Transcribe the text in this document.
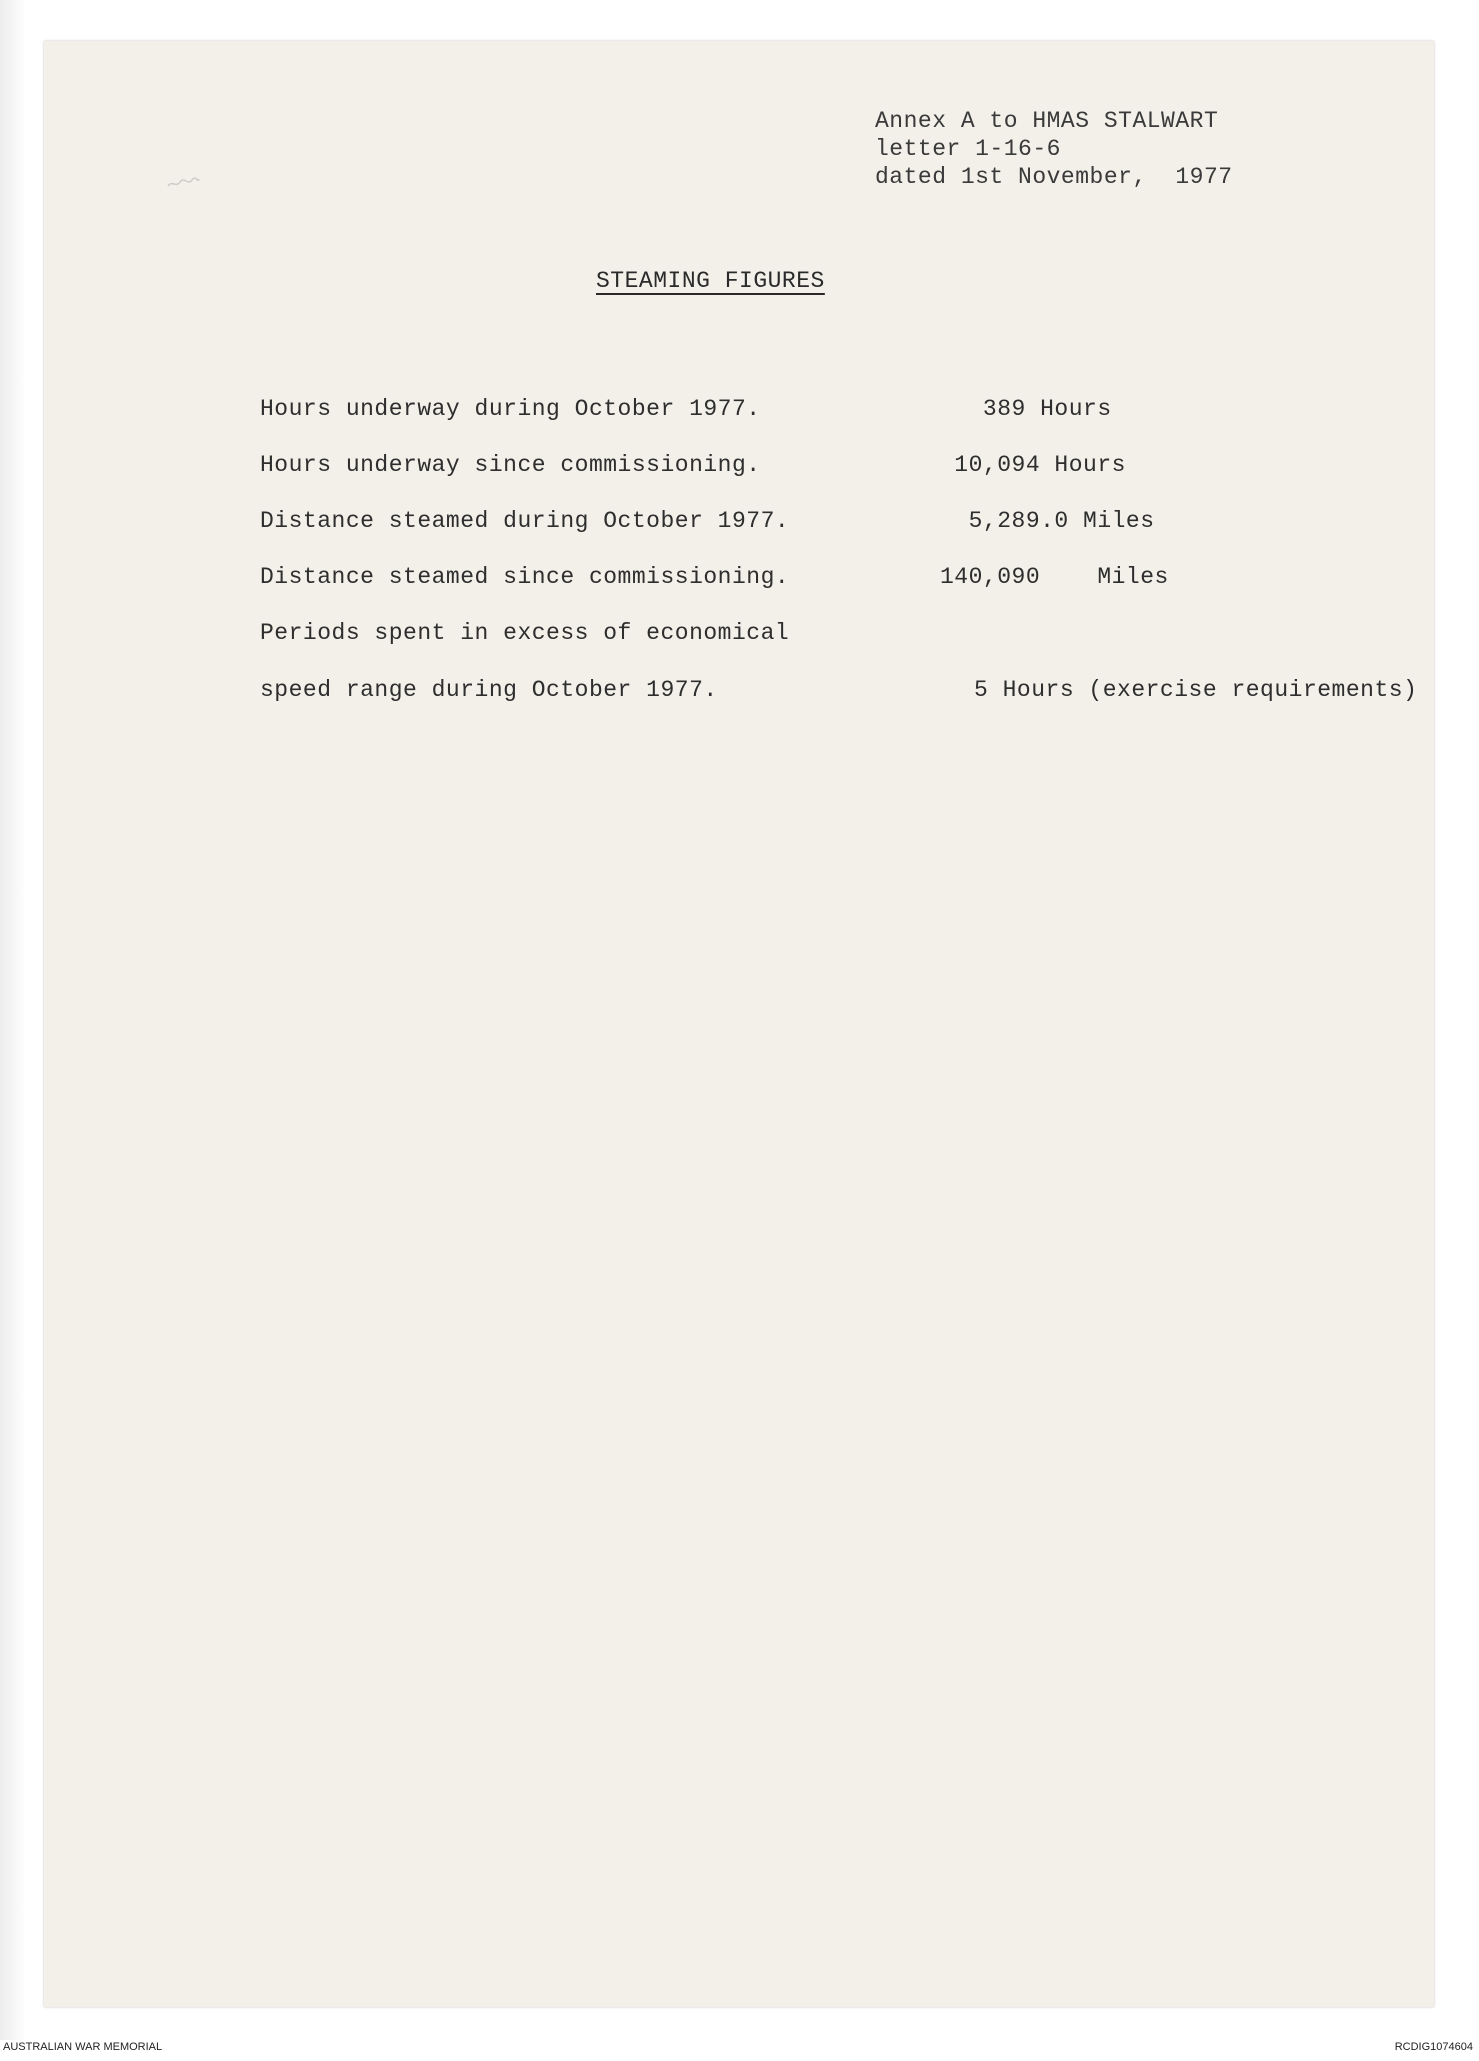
Annex A to HMAS STALWART
letter 1-16-6
dated 1st November,  1977
STEAMING FIGURES
Hours underway during October 1977.	389 Hours
Hours underway since commissioning.	10,094 Hours
Distance steamed during October 1977.	5,289.0 Miles
Distance steamed since commissioning.	140,090    Miles
Periods spent in excess of economical
speed range during October 1977.	5 Hours (exercise requirements)
AUSTRALIAN WAR MEMORIAL	RCDIG1074604
